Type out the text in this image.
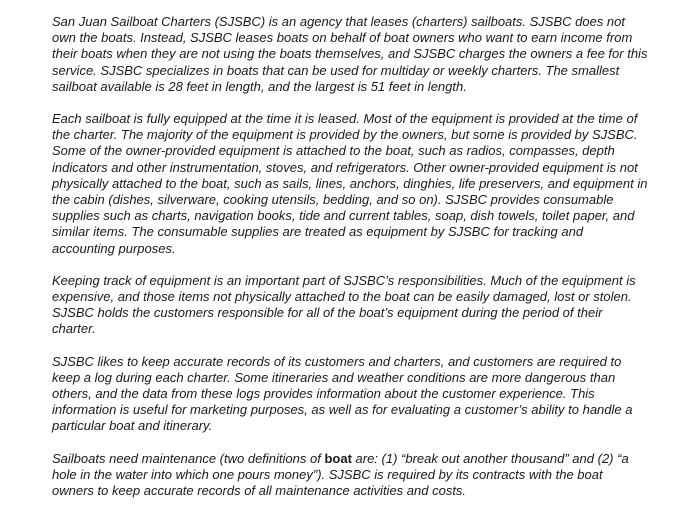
San Juan Sailboat Charters (SJSBC) is an agency that leases (charters) sailboats. SJSBC does not own the boats. Instead, SJSBC leases boats on behalf of boat owners who want to earn income from their boats when they are not using the boats themselves, and SJSBC charges the owners a fee for this service. SJSBC specializes in boats that can be used for multiday or weekly charters. The smallest sailboat available is 28 feet in length, and the largest is 51 feet in length.

Each sailboat is fully equipped at the time it is leased. Most of the equipment is provided at the time of the charter. The majority of the equipment is provided by the owners, but some is provided by SJSBC. Some of the owner-provided equipment is attached to the boat, such as radios, compasses, depth indicators and other instrumentation, stoves, and refrigerators. Other owner-provided equipment is not physically attached to the boat, such as sails, lines, anchors, dinghies, life preservers, and equipment in the cabin (dishes, silverware, cooking utensils, bedding, and so on). SJSBC provides consumable supplies such as charts, navigation books, tide and current tables, soap, dish towels, toilet paper, and similar items. The consumable supplies are treated as equipment by SJSBC for tracking and accounting purposes.

Keeping track of equipment is an important part of SJSBC’s responsibilities. Much of the equipment is expensive, and those items not physically attached to the boat can be easily damaged, lost or stolen. SJSBC holds the customers responsible for all of the boat’s equipment during the period of their charter.

SJSBC likes to keep accurate records of its customers and charters, and customers are required to keep a log during each charter. Some itineraries and weather conditions are more dangerous than others, and the data from these logs provides information about the customer experience. This information is useful for marketing purposes, as well as for evaluating a customer’s ability to handle a particular boat and itinerary.

Sailboats need maintenance (two definitions of boat are: (1) “break out another thousand” and (2) “a hole in the water into which one pours money”). SJSBC is required by its contracts with the boat owners to keep accurate records of all maintenance activities and costs.
